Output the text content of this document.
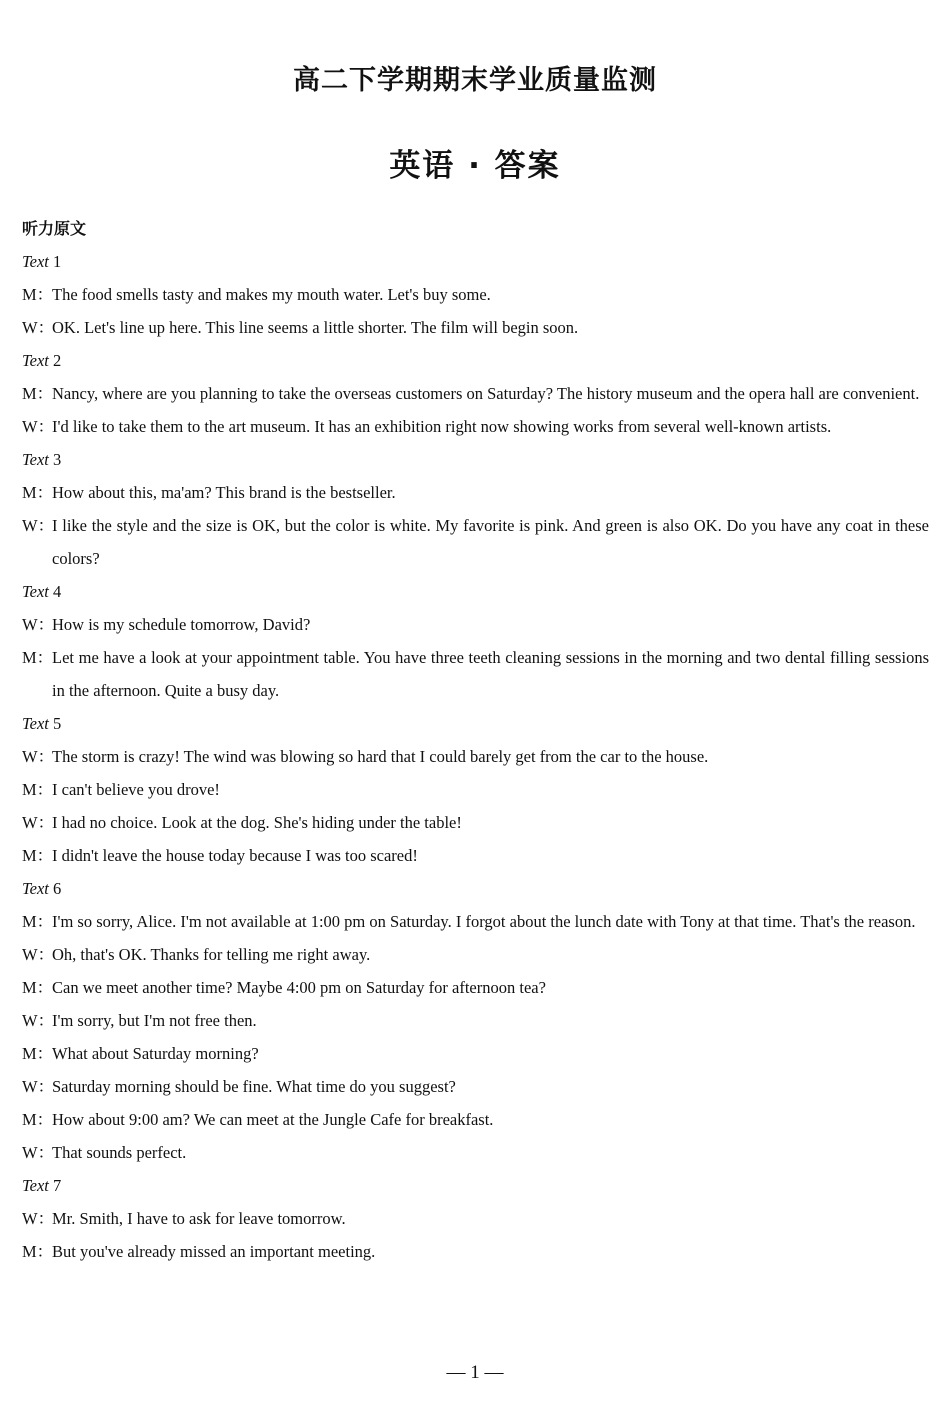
高二下学期期末学业质量监测
英语 · 答案
听力原文
Text 1
M：
The food smells tasty and makes my mouth water. Let's buy some.
W：
OK. Let's line up here. This line seems a little shorter. The film will begin soon.
Text 2
M：
Nancy, where are you planning to take the overseas customers on Saturday? The history museum and the opera hall are convenient.
W：
I'd like to take them to the art museum. It has an exhibition right now showing works from several well-known artists.
Text 3
M：
How about this, ma'am? This brand is the bestseller.
W：
I like the style and the size is OK, but the color is white. My favorite is pink. And green is also OK. Do you have any coat in these colors?
Text 4
W：
How is my schedule tomorrow, David?
M：
Let me have a look at your appointment table. You have three teeth cleaning sessions in the morning and two dental filling sessions in the afternoon. Quite a busy day.
Text 5
W：
The storm is crazy! The wind was blowing so hard that I could barely get from the car to the house.
M：
I can't believe you drove!
W：
I had no choice. Look at the dog. She's hiding under the table!
M：
I didn't leave the house today because I was too scared!
Text 6
M：
I'm so sorry, Alice. I'm not available at 1:00 pm on Saturday. I forgot about the lunch date with Tony at that time. That's the reason.
W：
Oh, that's OK. Thanks for telling me right away.
M：
Can we meet another time? Maybe 4:00 pm on Saturday for afternoon tea?
W：
I'm sorry, but I'm not free then.
M：
What about Saturday morning?
W：
Saturday morning should be fine. What time do you suggest?
M：
How about 9:00 am? We can meet at the Jungle Cafe for breakfast.
W：
That sounds perfect.
Text 7
W：
Mr. Smith, I have to ask for leave tomorrow.
M：
But you've already missed an important meeting.
— 1 —
